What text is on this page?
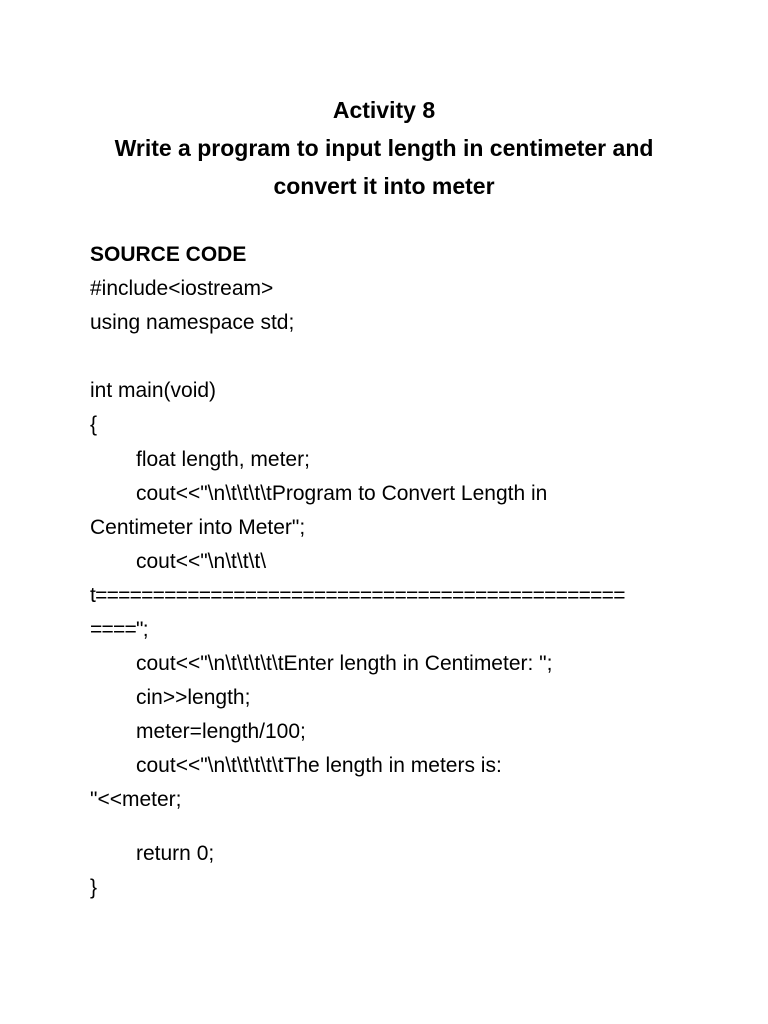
Activity 8
Write a program to input length in centimeter and
convert it into meter
SOURCE CODE
#include<iostream>
using namespace std;
int main(void)
{
float length, meter;
cout<<"\n\t\t\t\tProgram to Convert Length in
Centimeter into Meter";
cout<<"\n\t\t\t\
t==============================================
====";
cout<<"\n\t\t\t\t\tEnter length in Centimeter: ";
cin>>length;
meter=length/100;
cout<<"\n\t\t\t\t\tThe length in meters is:
"<<meter;
return 0;
}
